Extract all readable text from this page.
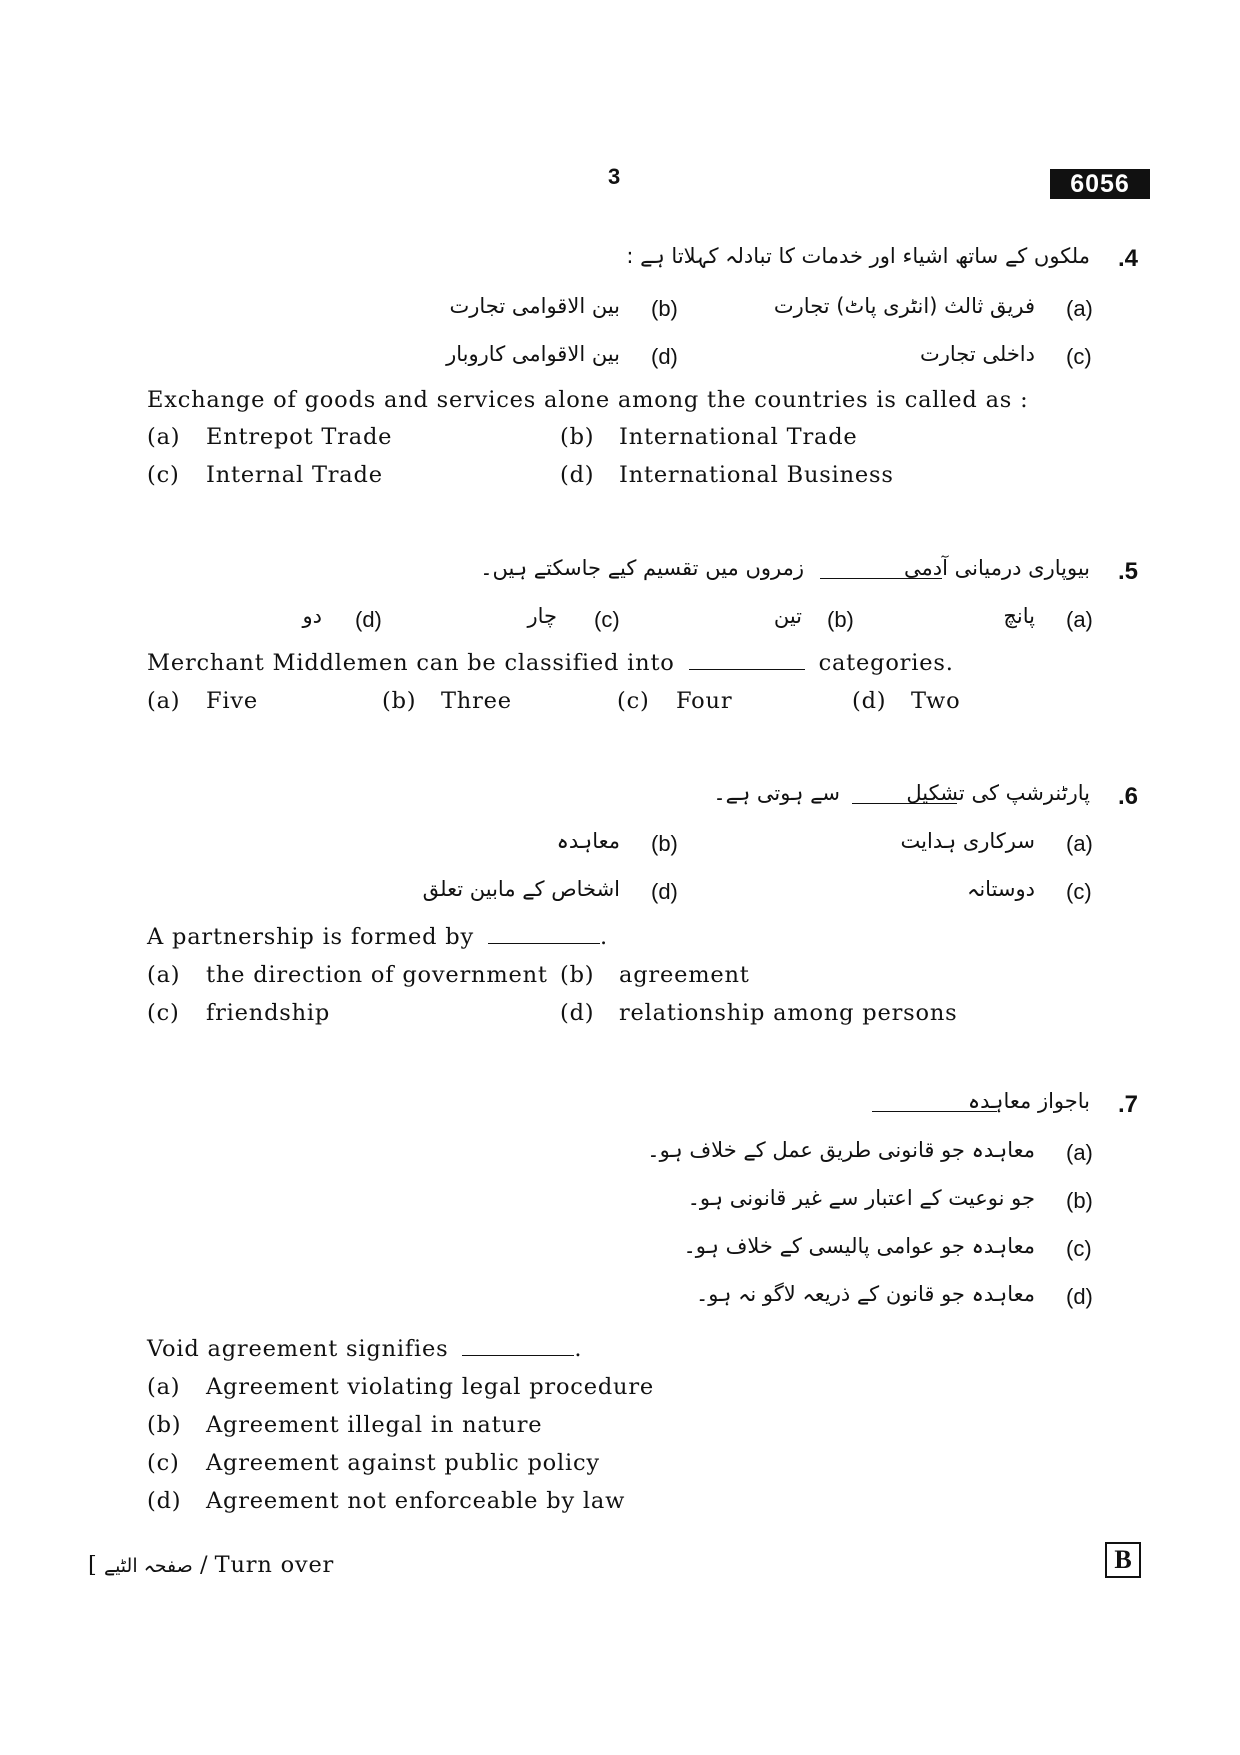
3	6056
.4
ملکوں کے ساتھ اشیاء اور خدمات کا تبادلہ کہلاتا ہے :
(a)
فریق ثالث (انٹری پاٹ) تجارت
(b)
بین الاقوامی تجارت
(c)
داخلی تجارت
(d)
بین الاقوامی کاروبار
Exchange of goods and services alone among the countries is called as :
(a) Entrepot Trade	(b) International Trade
(c) Internal Trade	(d) International Business
.5
بیوپاری درمیانی آدمی
زمروں میں تقسیم کیے جاسکتے ہیں۔
(a)
پانچ
(b)
تین
(c)
چار
(d)
دو
Merchant Middlemen can be classified into	categories.
(a) Five	(b) Three	(c) Four	(d) Two
.6
پارٹنرشپ کی تشکیل
سے ہوتی ہے۔
(a)
سرکاری ہدایت
(b)
معاہدہ
(c)
دوستانہ
(d)
اشخاص کے مابین تعلق
A partnership is formed by	.
(a) the direction of government (b) agreement
(c) friendship	(d) relationship among persons
.7
باجواز معاہدہ
(a)
معاہدہ جو قانونی طریق عمل کے خلاف ہو۔
(b)
جو نوعیت کے اعتبار سے غیر قانونی ہو۔
(c)
معاہدہ جو عوامی پالیسی کے خلاف ہو۔
(d)
معاہدہ جو قانون کے ذریعہ لاگو نہ ہو۔
Void agreement signifies	.
(a) Agreement violating legal procedure
(b) Agreement illegal in nature
(c) Agreement against public policy
(d) Agreement not enforceable by law
[ صفحہ الٹیے / Turn over	B
